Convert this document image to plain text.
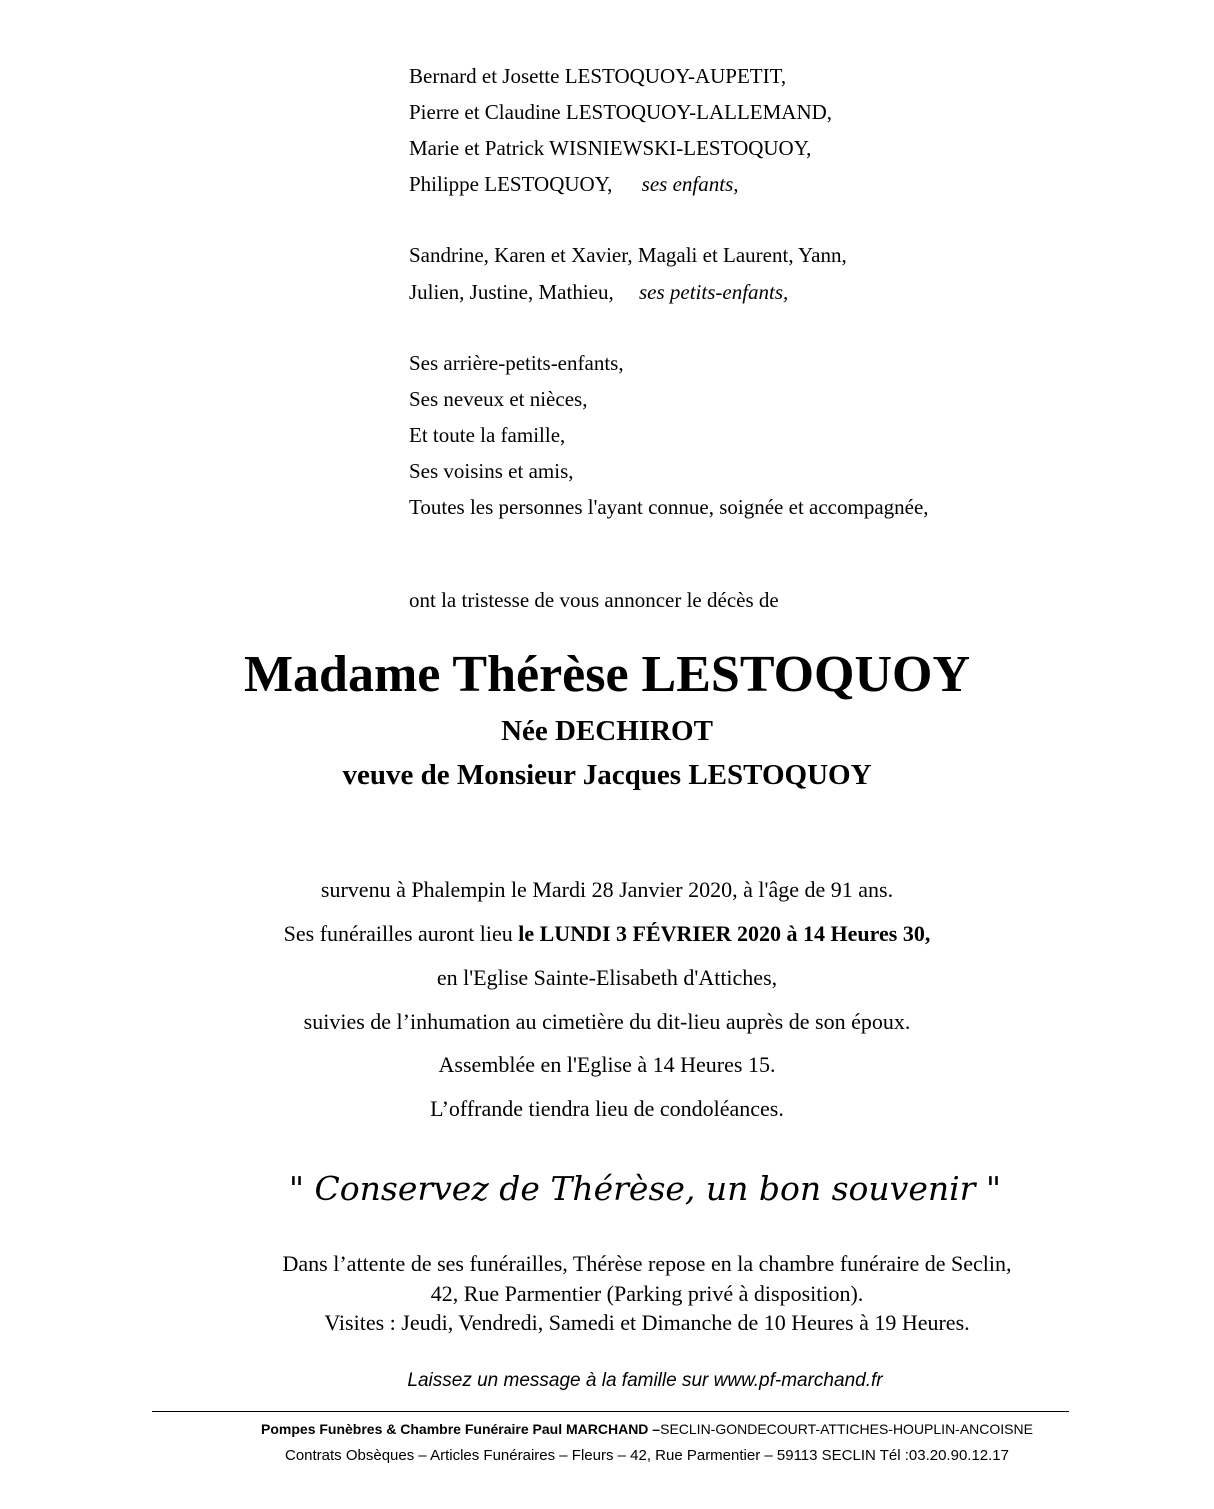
Bernard et Josette LESTOQUOY-AUPETIT,
Pierre et Claudine LESTOQUOY-LALLEMAND,
Marie et Patrick WISNIEWSKI-LESTOQUOY,
Philippe LESTOQUOY, ses enfants,
Sandrine, Karen et Xavier, Magali et Laurent, Yann,
Julien, Justine, Mathieu, ses petits-enfants,
Ses arrière-petits-enfants,
Ses neveux et nièces,
Et toute la famille,
Ses voisins et amis,
Toutes les personnes l'ayant connue, soignée et accompagnée,
ont la tristesse de vous annoncer le décès de
Madame Thérèse LESTOQUOY
Née DECHIROT
veuve de Monsieur Jacques LESTOQUOY
survenu à Phalempin le Mardi 28 Janvier 2020, à l'âge de 91 ans.
Ses funérailles auront lieu le LUNDI 3 FÉVRIER 2020 à 14 Heures 30,
en l'Eglise Sainte-Elisabeth d'Attiches,
suivies de l’inhumation au cimetière du dit-lieu auprès de son époux.
Assemblée en l'Eglise à 14 Heures 15.
L’offrande tiendra lieu de condoléances.
" Conservez de Thérèse, un bon souvenir "
Dans l’attente de ses funérailles, Thérèse repose en la chambre funéraire de Seclin,
42, Rue Parmentier (Parking privé à disposition).
Visites : Jeudi, Vendredi, Samedi et Dimanche de 10 Heures à 19 Heures.
Laissez un message à la famille sur www.pf-marchand.fr
Pompes Funèbres & Chambre Funéraire Paul MARCHAND –SECLIN-GONDECOURT-ATTICHES-HOUPLIN-ANCOISNE
Contrats Obsèques – Articles Funéraires – Fleurs – 42, Rue Parmentier – 59113 SECLIN Tél :03.20.90.12.17
